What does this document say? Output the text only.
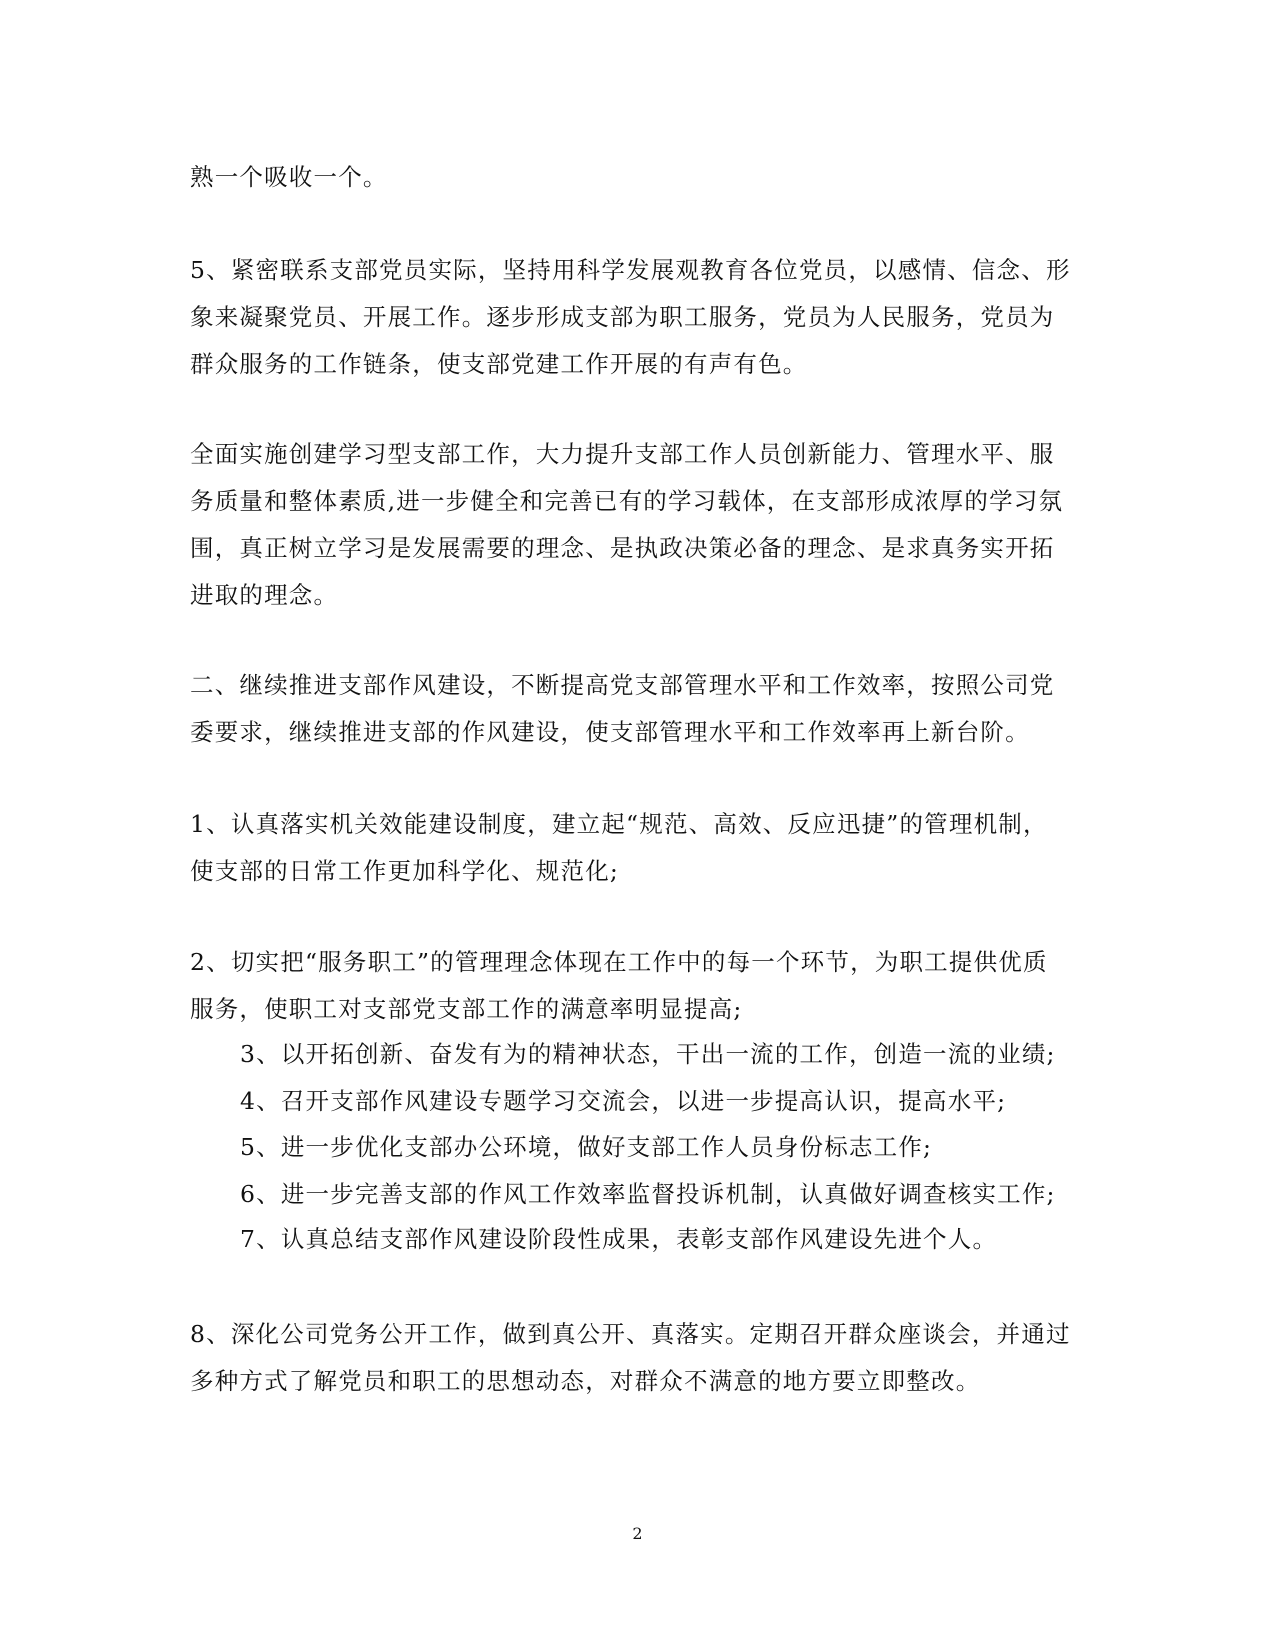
熟一个吸收一个。
5、紧密联系支部党员实际，坚持用科学发展观教育各位党员，以感情、信念、形
象来凝聚党员、开展工作。逐步形成支部为职工服务，党员为人民服务，党员为
群众服务的工作链条，使支部党建工作开展的有声有色。
全面实施创建学习型支部工作，大力提升支部工作人员创新能力、管理水平、服
务质量和整体素质,进一步健全和完善已有的学习载体，在支部形成浓厚的学习氛
围，真正树立学习是发展需要的理念、是执政决策必备的理念、是求真务实开拓
进取的理念。
二、继续推进支部作风建设，不断提高党支部管理水平和工作效率，按照公司党
委要求，继续推进支部的作风建设，使支部管理水平和工作效率再上新台阶。
1、认真落实机关效能建设制度，建立起“规范、高效、反应迅捷”的管理机制，
使支部的日常工作更加科学化、规范化;
2、切实把“服务职工”的管理理念体现在工作中的每一个环节，为职工提供优质
服务，使职工对支部党支部工作的满意率明显提高;
3、以开拓创新、奋发有为的精神状态，干出一流的工作，创造一流的业绩;
4、召开支部作风建设专题学习交流会，以进一步提高认识，提高水平;
5、进一步优化支部办公环境，做好支部工作人员身份标志工作;
6、进一步完善支部的作风工作效率监督投诉机制，认真做好调查核实工作;
7、认真总结支部作风建设阶段性成果，表彰支部作风建设先进个人。
8、深化公司党务公开工作，做到真公开、真落实。定期召开群众座谈会，并通过
多种方式了解党员和职工的思想动态，对群众不满意的地方要立即整改。
2
